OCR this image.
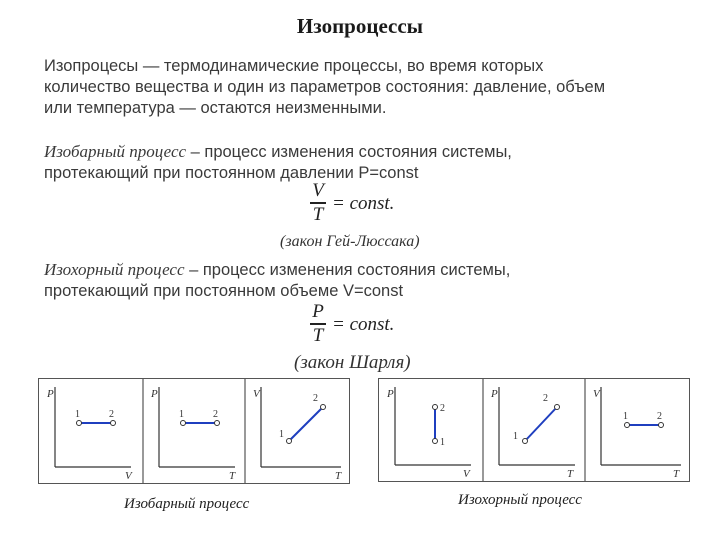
Изопроцессы
Изопроцесы — термодинамические процессы, во время которых
количество вещества и один из параметров состояния: давление, объем
или температура — остаются неизменными.
Изобарный процесс – процесс изменения состояния системы,
протекающий при постоянном давлении P=const
V
T = const.
(закон Гей-Люссака)
Изохорный процесс – процесс изменения состояния системы,
протекающий при постоянном объеме V=const
P
T = const.
(закон Шарля)
P
V
1	2
P
T
1	2
V
T
1
2	P
V
1
2
P
T
1
2	V
T
1	2
Изобарный процесс	Изохорный процесс
